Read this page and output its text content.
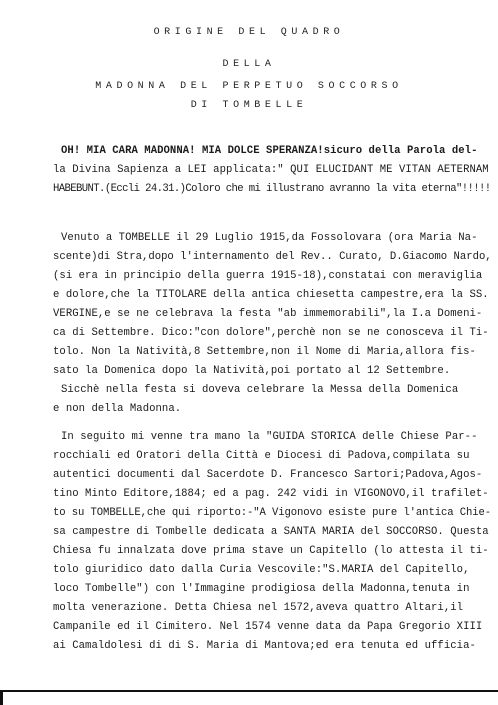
ORIGINE DEL QUADRO
DELLA
MADONNA DEL PERPETUO SOCCORSO
DI TOMBELLE
OH! MIA CARA MADONNA! MIA DOLCE SPERANZA!sicuro della Parola del-
la Divina Sapienza a LEI applicata:" QUI ELUCIDANT ME VITAN AETERNAM
HABEBUNT.(Eccli 24.31.)Coloro che mi illustrano avranno la vita eterna"!!!!!
Venuto a TOMBELLE il 29 Luglio 1915,da Fossolovara (ora Maria Na-
scente)di Stra,dopo l'internamento del Rev.. Curato, D.Giacomo Nardo,
(si era in principio della guerra 1915-18),constatai con meraviglia
e dolore,che la TITOLARE della antica chiesetta campestre,era la SS.
VERGINE,e se ne celebrava la festa "ab immemorabili",la I.a Domeni-
ca di Settembre. Dico:"con dolore",perchè non se ne conosceva il Ti-
tolo. Non la Natività,8 Settembre,non il Nome di Maria,allora fis-
sato la Domenica dopo la Natività,poi portato al 12 Settembre.
Sicchè nella festa si doveva celebrare la Messa della Domenica
e non della Madonna.
In seguito mi venne tra mano la "GUIDA STORICA delle Chiese Par--
rocchiali ed Oratori della Città e Diocesi di Padova,compilata su
autentici documenti dal Sacerdote D. Francesco Sartori;Padova,Agos-
tino Minto Editore,1884; ed a pag. 242 vidi in VIGONOVO,il trafilet-
to su TOMBELLE,che qui riporto:-"A Vigonovo esiste pure l'antica Chie-
sa campestre di Tombelle dedicata a SANTA MARIA del SOCCORSO. Questa
Chiesa fu innalzata dove prima stave un Capitello (lo attesta il ti-
tolo giuridico dato dalla Curia Vescovile:"S.MARIA del Capitello,
loco Tombelle") con l'Immagine prodigiosa della Madonna,tenuta in
molta venerazione. Detta Chiesa nel 1572,aveva quattro Altari,il
Campanile ed il Cimitero. Nel 1574 venne data da Papa Gregorio XIII
ai Camaldolesi di di S. Maria di Mantova;ed era tenuta ed ufficia-
